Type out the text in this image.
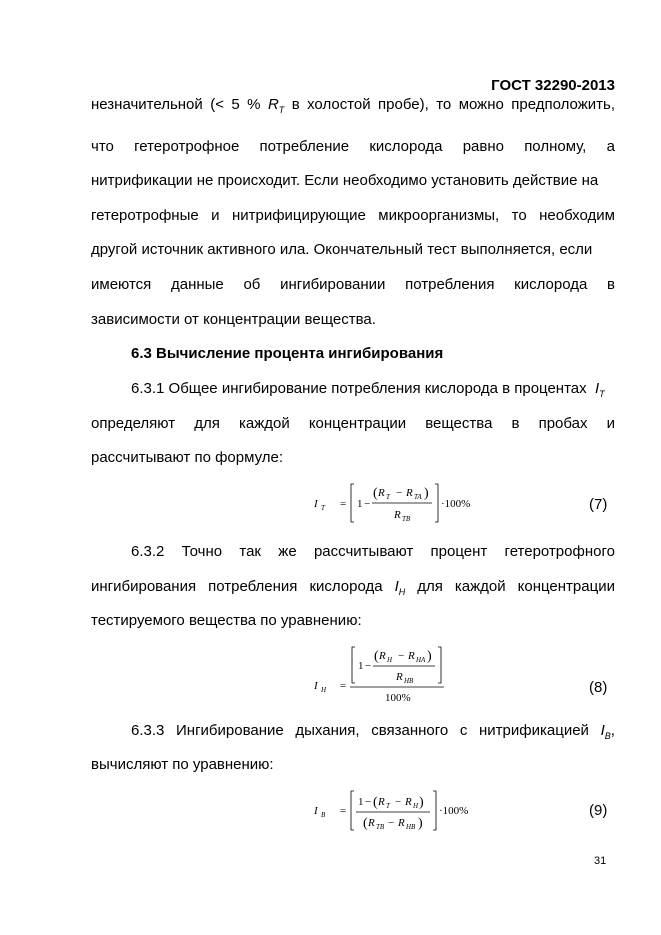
ГОСТ 32290-2013
незначительной (< 5 % $R_T$ в холостой пробе), то можно предположить,
что гетеротрофное потребление кислорода равно полному, а
нитрификации не происходит. Если необходимо установить действие на
гетеротрофные и нитрифицирующие микроорганизмы, то необходим
другой источник активного ила. Окончательный тест выполняется, если
имеются данные об ингибировании потребления кислорода в
зависимости от концентрации вещества.
6.3 Вычисление процента ингибирования
6.3.1 Общее ингибирование потребления кислорода в процентах $I_T$
определяют для каждой концентрации вещества в пробах и
рассчитывают по формуле:
I T = 1 −
( R T − R TA )
R TB
·100%	(7)
6.3.2 Точно так же рассчитывают процент гетеротрофного
ингибирования потребления кислорода $I_H$ для каждой концентрации
тестируемого вещества по уравнению:
I H =
1 −
( R H − R HA )
R HB
100%
(8)
6.3.3 Ингибирование дыхания, связанного с нитрификацией $I_B$,
вычисляют по уравнению:
I B =
1 − ( R T − R H )
( R TB − R HB )
·100%	(9)
31
